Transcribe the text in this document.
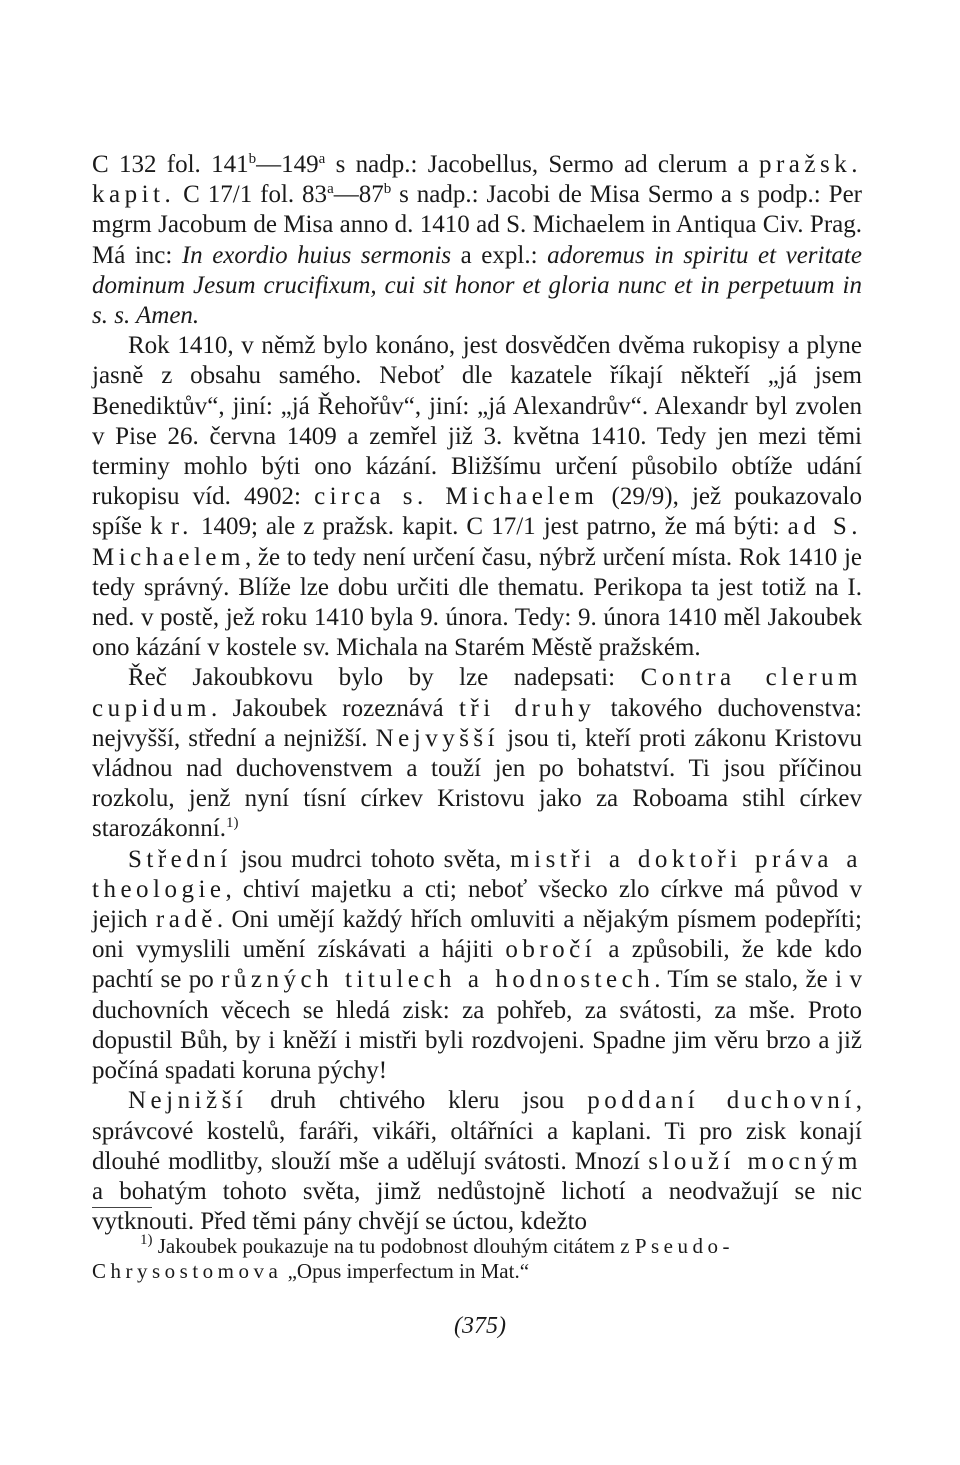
C 132 fol. 141$^b$—149$^a$ s nadp.: Jacobellus, Sermo ad clerum a pražsk. kapit. C 17/1 fol. 83$^a$—87$^b$ s nadp.: Jacobi de Misa Sermo a s podp.: Per mgrm Jacobum de Misa anno d. 1410 ad S. Michaelem in Antiqua Civ. Prag. Má inc: In exordio huius sermonis a expl.: adoremus in spiritu et veritate dominum Jesum crucifixum, cui sit honor et gloria nunc et in perpetuum in s. s. Amen.

Rok 1410, v němž bylo konáno, jest dosvědčen dvěma rukopisy a plyne jasně z obsahu samého. Neboť dle kazatele říkají někteří „já jsem Benediktův“, jiní: „já Řehořův“, jiní: „já Alexandrův“. Alexandr byl zvolen v Pise 26. června 1409 a zemřel již 3. května 1410. Tedy jen mezi těmi terminy mohlo býti ono kázání. Bližšímu určení působilo obtíže udání rukopisu víd. 4902: circa s. Michaelem (29/9), jež poukazovalo spíše k r. 1409; ale z pražsk. kapit. C 17/1 jest patrno, že má býti: ad S. Michaelem, že to tedy není určení času, nýbrž určení místa. Rok 1410 je tedy správný. Blíže lze dobu určiti dle thematu. Perikopa ta jest totiž na I. ned. v postě, jež roku 1410 byla 9. února. Tedy: 9. února 1410 měl Jakoubek ono kázání v kostele sv. Michala na Starém Městě pražském.

Řeč Jakoubkovu bylo by lze nadepsati: Contra clerum cupidum. Jakoubek rozeznává tři druhy takového duchovenstva: nejvyšší, střední a nejnižší. Nejvyšší jsou ti, kteří proti zákonu Kristovu vládnou nad duchovenstvem a touží jen po bohatství. Ti jsou příčinou rozkolu, jenž nyní tísní církev Kristovu jako za Roboama stihl církev starozákonní.$^{1)}$

Střední jsou mudrci tohoto světa, mistři a doktoři práva a theologie, chtiví majetku a cti; neboť všecko zlo církve má původ v jejich radě. Oni umějí každý hřích omluviti a nějakým písmem podepříti; oni vymyslili umění získávati a hájiti obročí a způsobili, že kde kdo pachtí se po různých titulech a hodnostech. Tím se stalo, že i v duchovních věcech se hledá zisk: za pohřeb, za svátosti, za mše. Proto dopustil Bůh, by i kněží i mistři byli rozdvojeni. Spadne jim věru brzo a již počíná spadati koruna pýchy!

Nejnižší druh chtivého kleru jsou poddaní duchovní, správcové kostelů, faráři, vikáři, oltářníci a kaplani. Ti pro zisk konají dlouhé modlitby, slouží mše a udělují svátosti. Mnozí slouží mocným a bohatým tohoto světa, jimž nedůstojně lichotí a neodvažují se nic vytknouti. Před těmi pány chvějí se úctou, kdežto

$^{1)}$ Jakoubek poukazuje na tu podobnost dlouhým citátem z Pseudo-Chrysostomova „Opus imperfectum in Mat.“

(375)
